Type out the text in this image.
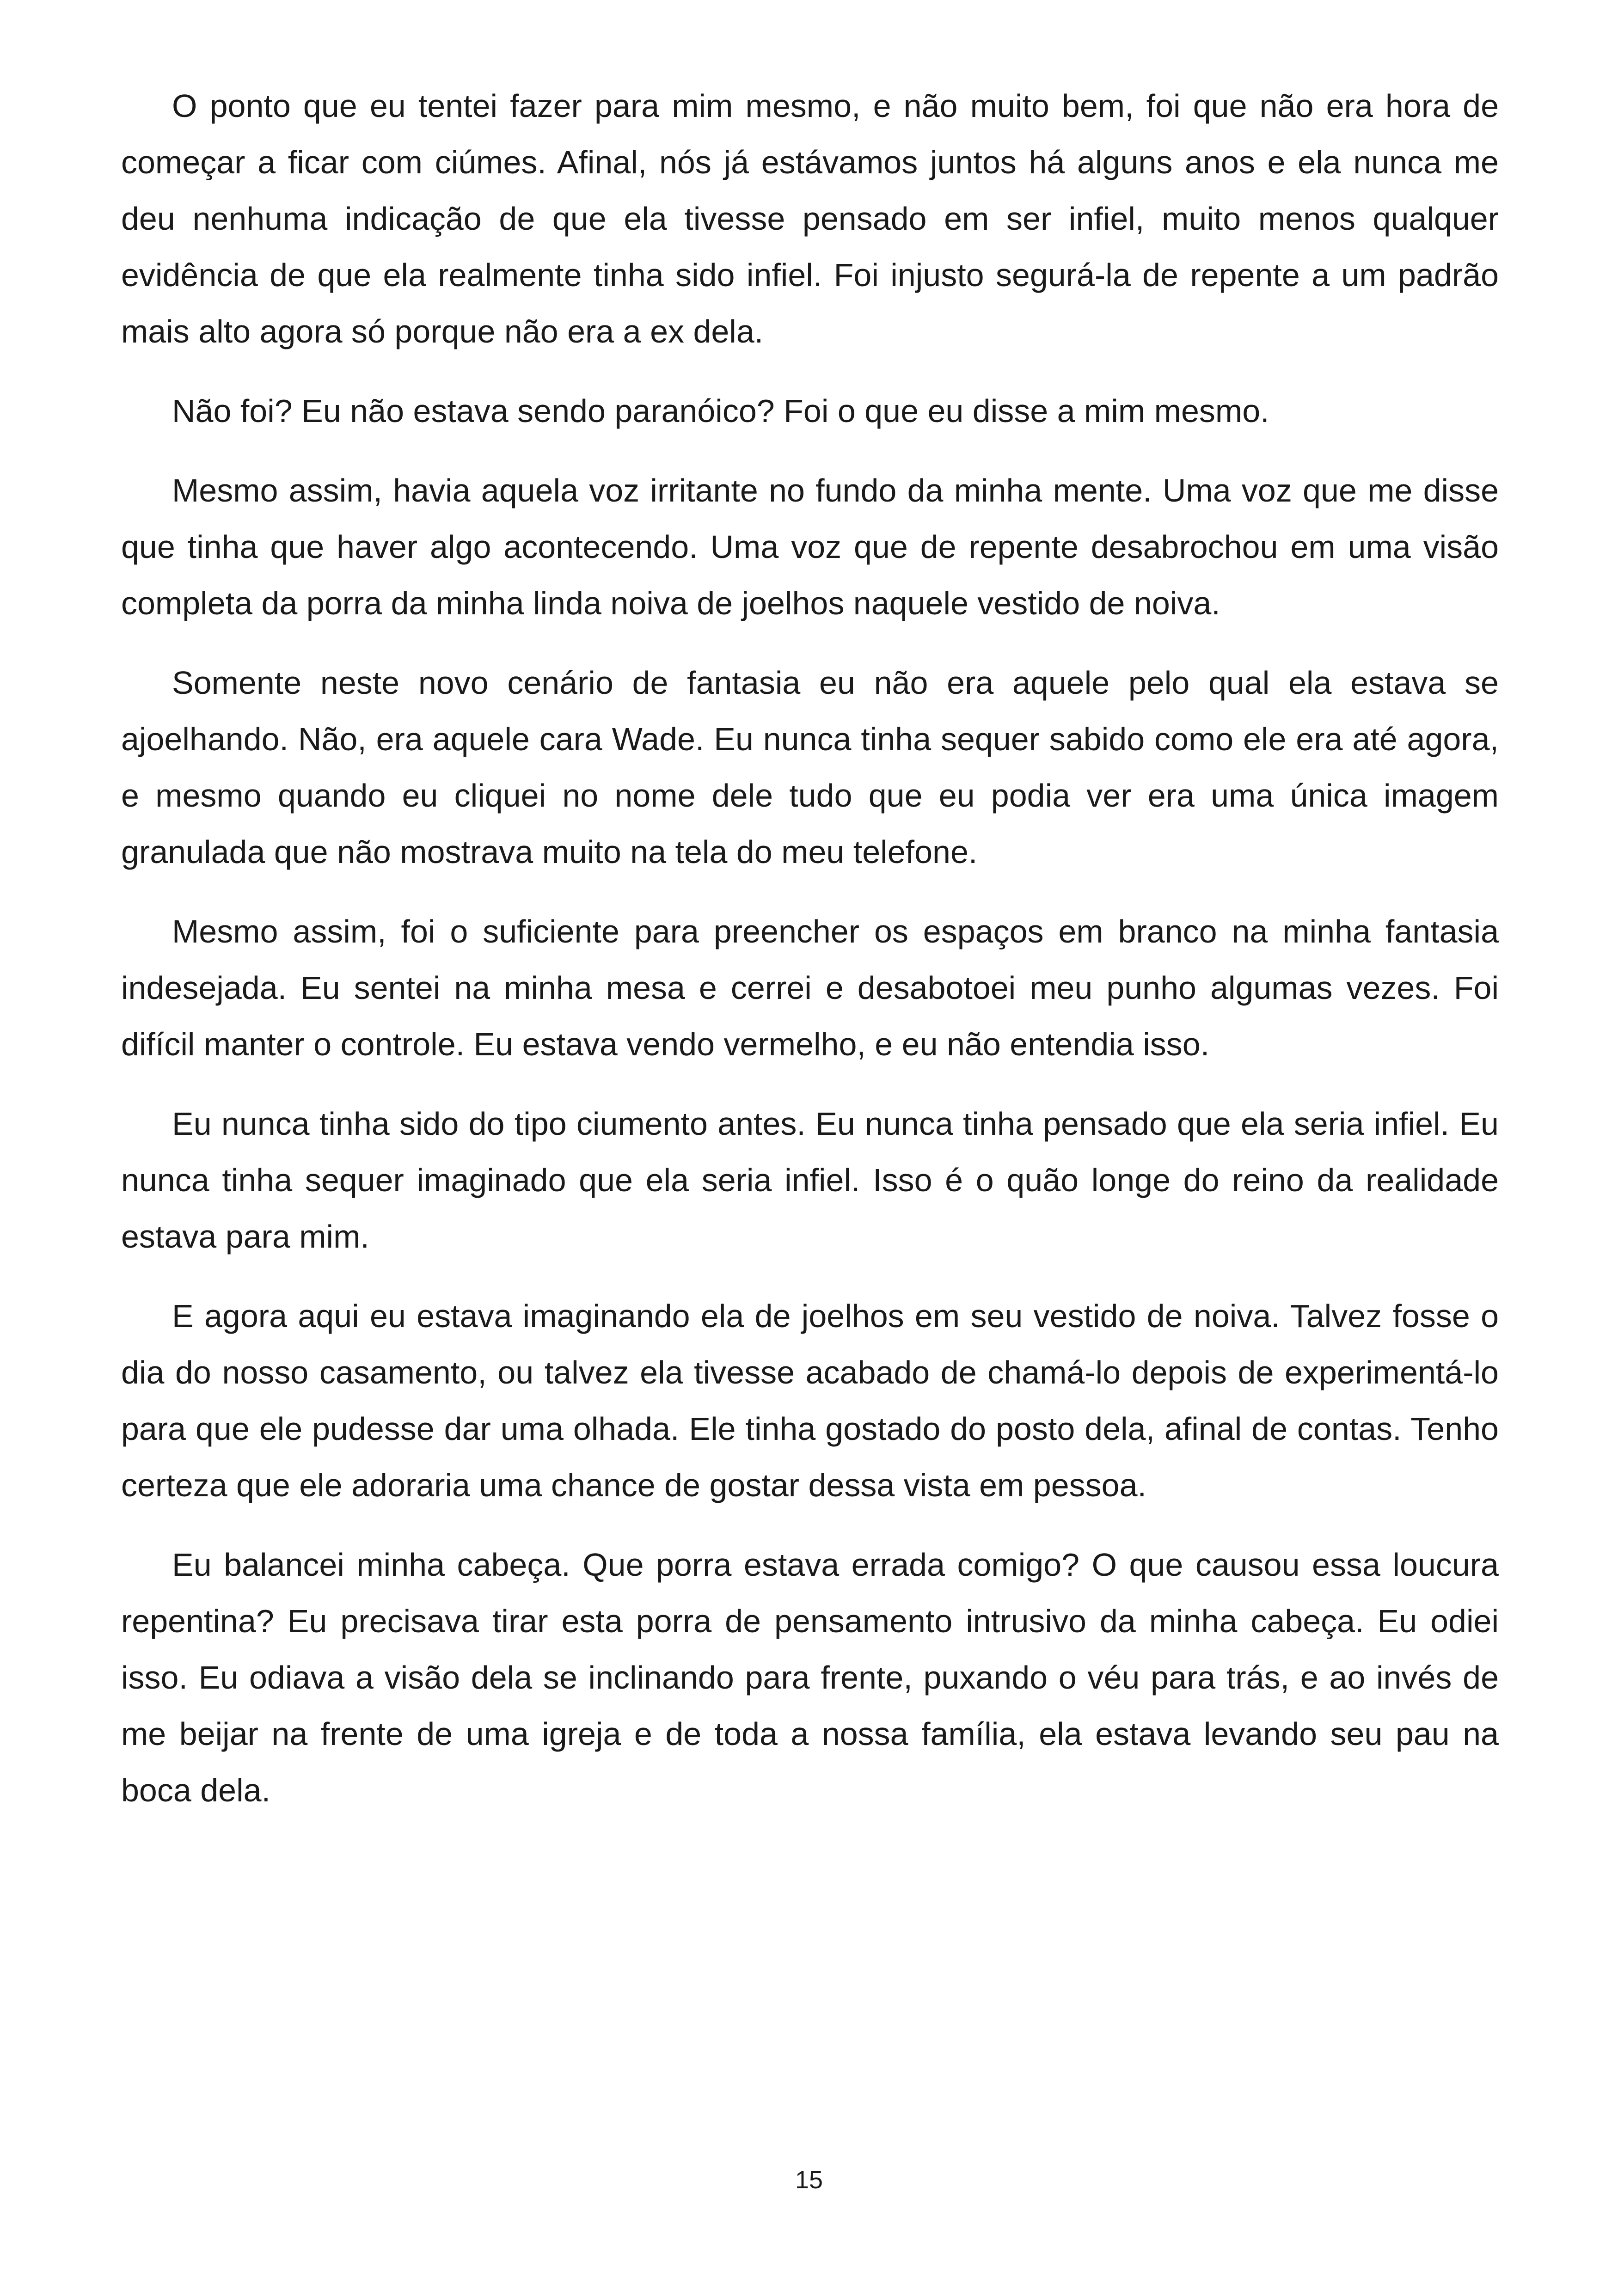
O ponto que eu tentei fazer para mim mesmo, e não muito bem, foi que não era hora de começar a ficar com ciúmes. Afinal, nós já estávamos juntos há alguns anos e ela nunca me deu nenhuma indicação de que ela tivesse pensado em ser infiel, muito menos qualquer evidência de que ela realmente tinha sido infiel. Foi injusto segurá-la de repente a um padrão mais alto agora só porque não era a ex dela.

Não foi? Eu não estava sendo paranóico? Foi o que eu disse a mim mesmo.

Mesmo assim, havia aquela voz irritante no fundo da minha mente. Uma voz que me disse que tinha que haver algo acontecendo. Uma voz que de repente desabrochou em uma visão completa da porra da minha linda noiva de joelhos naquele vestido de noiva.

Somente neste novo cenário de fantasia eu não era aquele pelo qual ela estava se ajoelhando. Não, era aquele cara Wade. Eu nunca tinha sequer sabido como ele era até agora, e mesmo quando eu cliquei no nome dele tudo que eu podia ver era uma única imagem granulada que não mostrava muito na tela do meu telefone.

Mesmo assim, foi o suficiente para preencher os espaços em branco na minha fantasia indesejada. Eu sentei na minha mesa e cerrei e desabotoei meu punho algumas vezes. Foi difícil manter o controle. Eu estava vendo vermelho, e eu não entendia isso.

Eu nunca tinha sido do tipo ciumento antes. Eu nunca tinha pensado que ela seria infiel. Eu nunca tinha sequer imaginado que ela seria infiel. Isso é o quão longe do reino da realidade estava para mim.

E agora aqui eu estava imaginando ela de joelhos em seu vestido de noiva. Talvez fosse o dia do nosso casamento, ou talvez ela tivesse acabado de chamá-lo depois de experimentá-lo para que ele pudesse dar uma olhada. Ele tinha gostado do posto dela, afinal de contas. Tenho certeza que ele adoraria uma chance de gostar dessa vista em pessoa.

Eu balancei minha cabeça. Que porra estava errada comigo? O que causou essa loucura repentina? Eu precisava tirar esta porra de pensamento intrusivo da minha cabeça. Eu odiei isso. Eu odiava a visão dela se inclinando para frente, puxando o véu para trás, e ao invés de me beijar na frente de uma igreja e de toda a nossa família, ela estava levando seu pau na boca dela.

15
